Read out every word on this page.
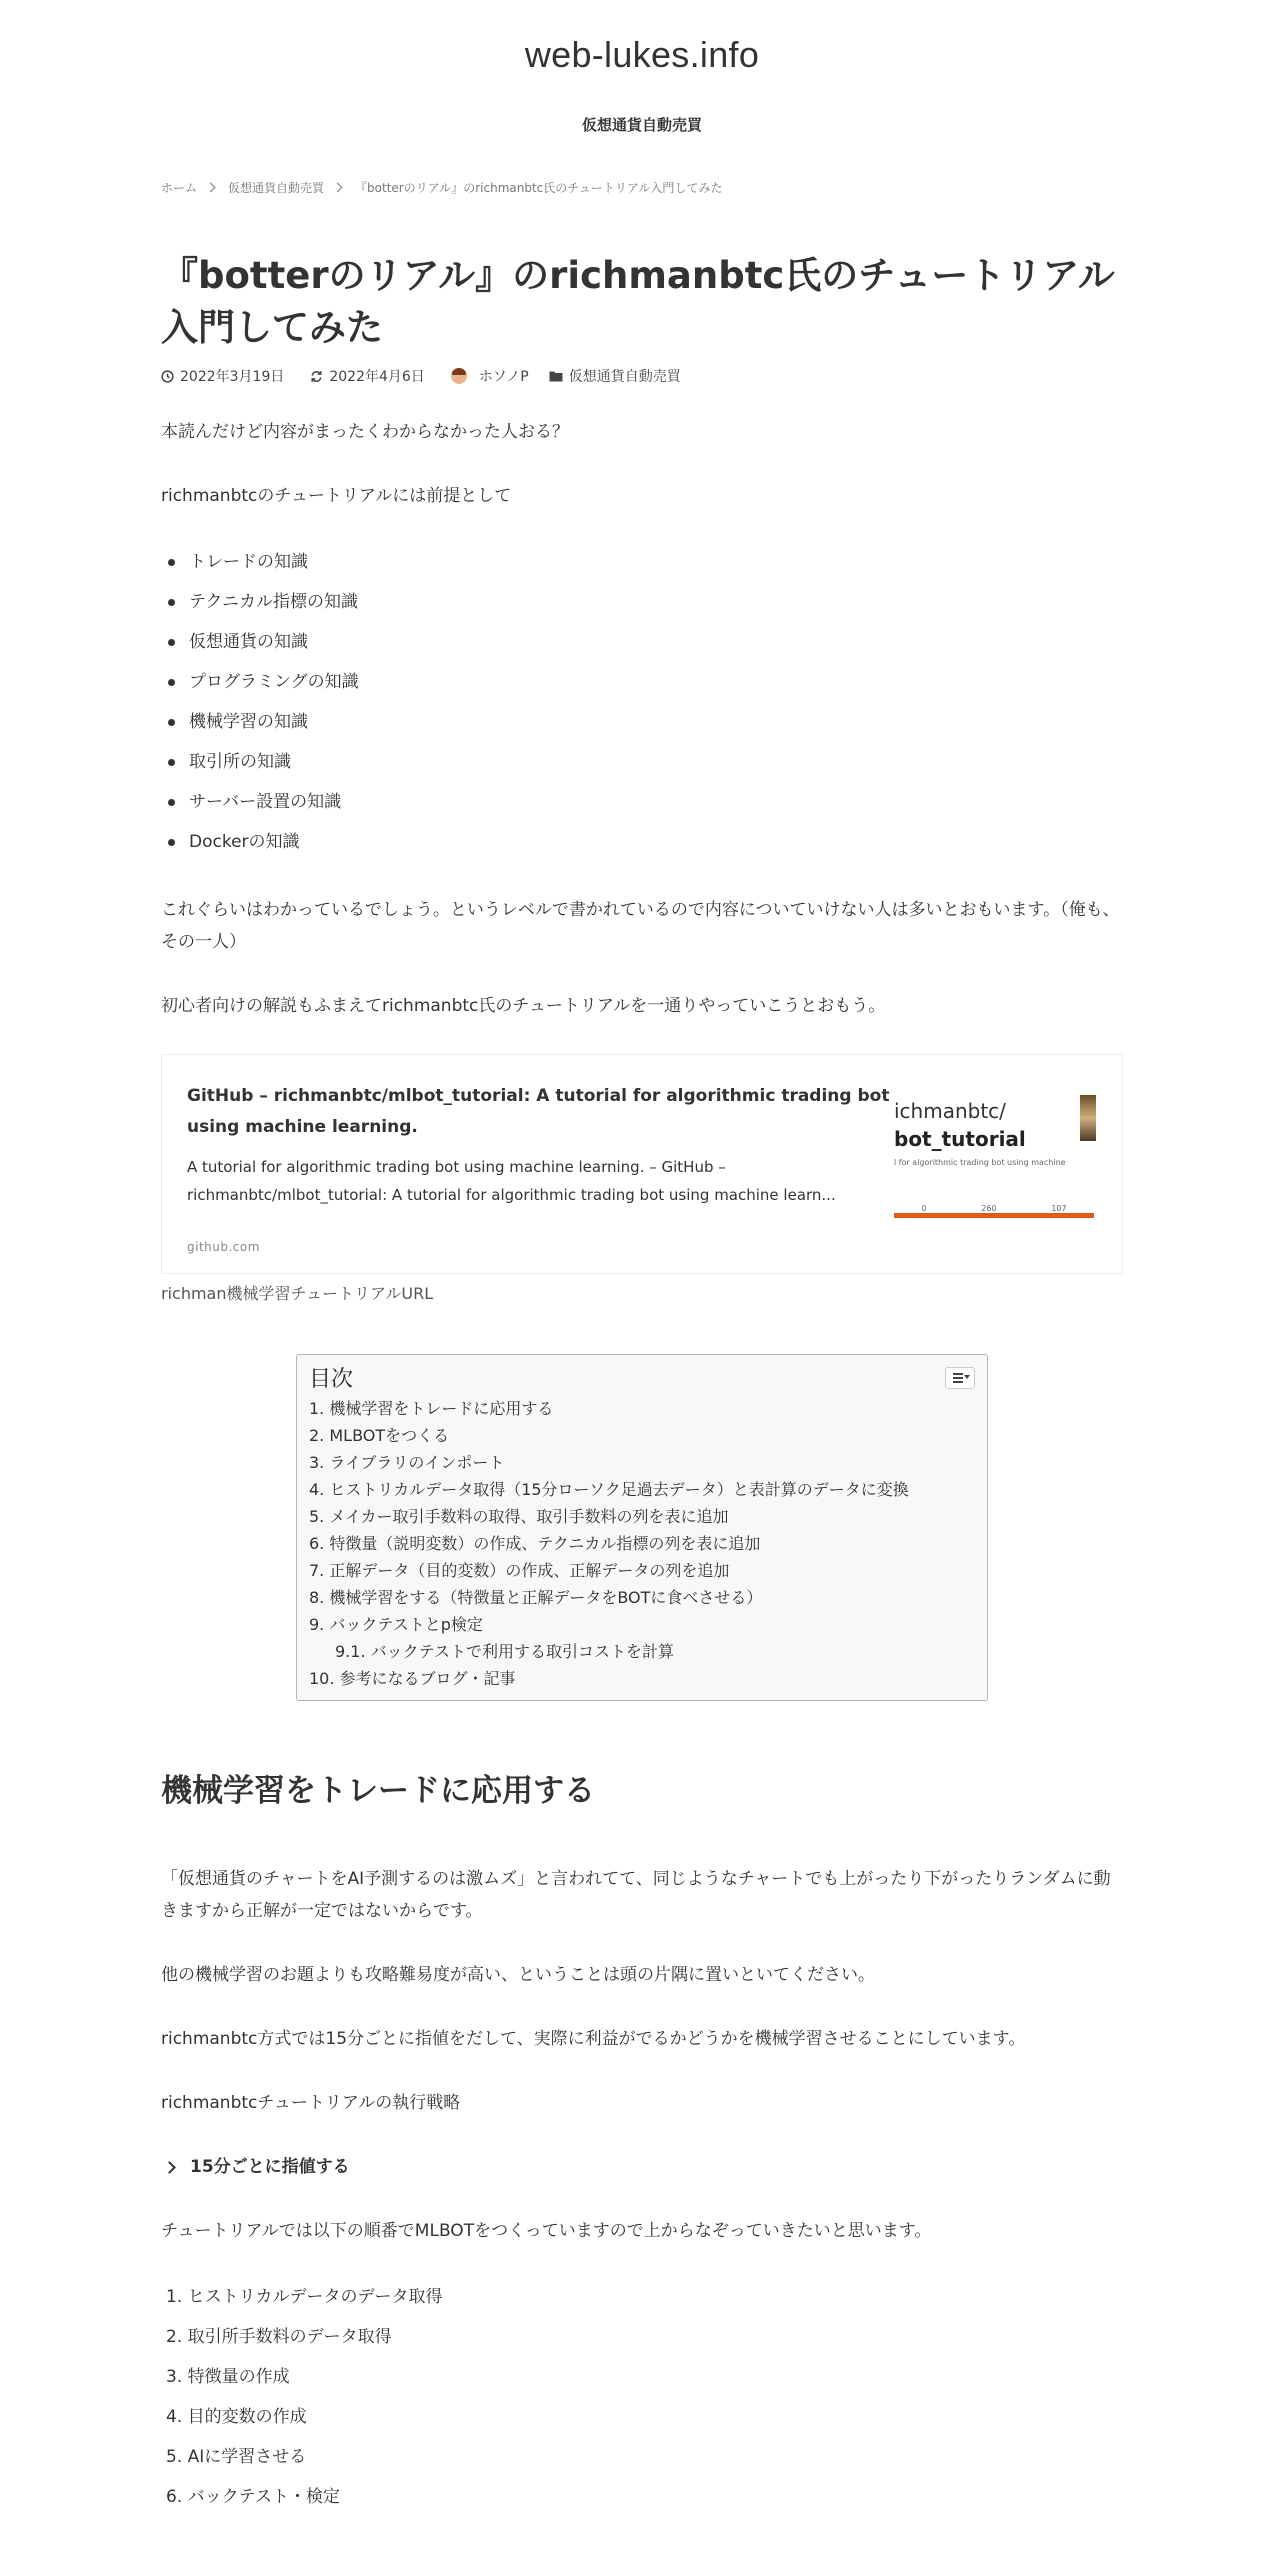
web-lukes.info
仮想通貨自動売買
ホーム	仮想通貨自動売買	『botterのリアル』のrichmanbtc氏のチュートリアル入門してみた
『botterのリアル』のrichmanbtc氏のチュートリアル入門してみた
2022年3月19日	2022年4月6日	ホソノP	仮想通貨自動売買

本読んだけど内容がまったくわからなかった人おる？

richmanbtcのチュートリアルには前提として

トレードの知識
テクニカル指標の知識
仮想通貨の知識
プログラミングの知識
機械学習の知識
取引所の知識
サーバー設置の知識
Dockerの知識

これぐらいはわかっているでしょう。というレベルで書かれているので内容についていけない人は多いとおもいます。（俺も、その一人）

初心者向けの解説もふまえてrichmanbtc氏のチュートリアルを一通りやっていこうとおもう。

GitHub – richmanbtc/mlbot_tutorial: A tutorial for algorithmic trading bot using machine learning.
A tutorial for algorithmic trading bot using machine learning. – GitHub – richmanbtc/mlbot_tutorial: A tutorial for algorithmic trading bot using machine learn...
github.com
ichmanbtc/
bot_tutorial
l for algorithmic trading bot using machine
0	260	107
richman機械学習チュートリアルURL
目次
1. 機械学習をトレードに応用する
2. MLBOTをつくる
3. ライブラリのインポート
4. ヒストリカルデータ取得（15分ローソク足過去データ）と表計算のデータに変換
5. メイカー取引手数料の取得、取引手数料の列を表に追加
6. 特徴量（説明変数）の作成、テクニカル指標の列を表に追加
7. 正解データ（目的変数）の作成、正解データの列を追加
8. 機械学習をする（特徴量と正解データをBOTに食べさせる）
9. バックテストとp検定
9.1. バックテストで利用する取引コストを計算
10. 参考になるブログ・記事
機械学習をトレードに応用する

「仮想通貨のチャートをAI予測するのは激ムズ」と言われてて、同じようなチャートでも上がったり下がったりランダムに動きますから正解が一定ではないからです。

他の機械学習のお題よりも攻略難易度が高い、ということは頭の片隅に置いといてください。

richmanbtc方式では15分ごとに指値をだして、実際に利益がでるかどうかを機械学習させることにしています。

richmanbtcチュートリアルの執行戦略

15分ごとに指値する

チュートリアルでは以下の順番でMLBOTをつくっていますので上からなぞっていきたいと思います。

1. ヒストリカルデータのデータ取得
2. 取引所手数料のデータ取得
3. 特徴量の作成
4. 目的変数の作成
5. AIに学習させる
6. バックテスト・検定
